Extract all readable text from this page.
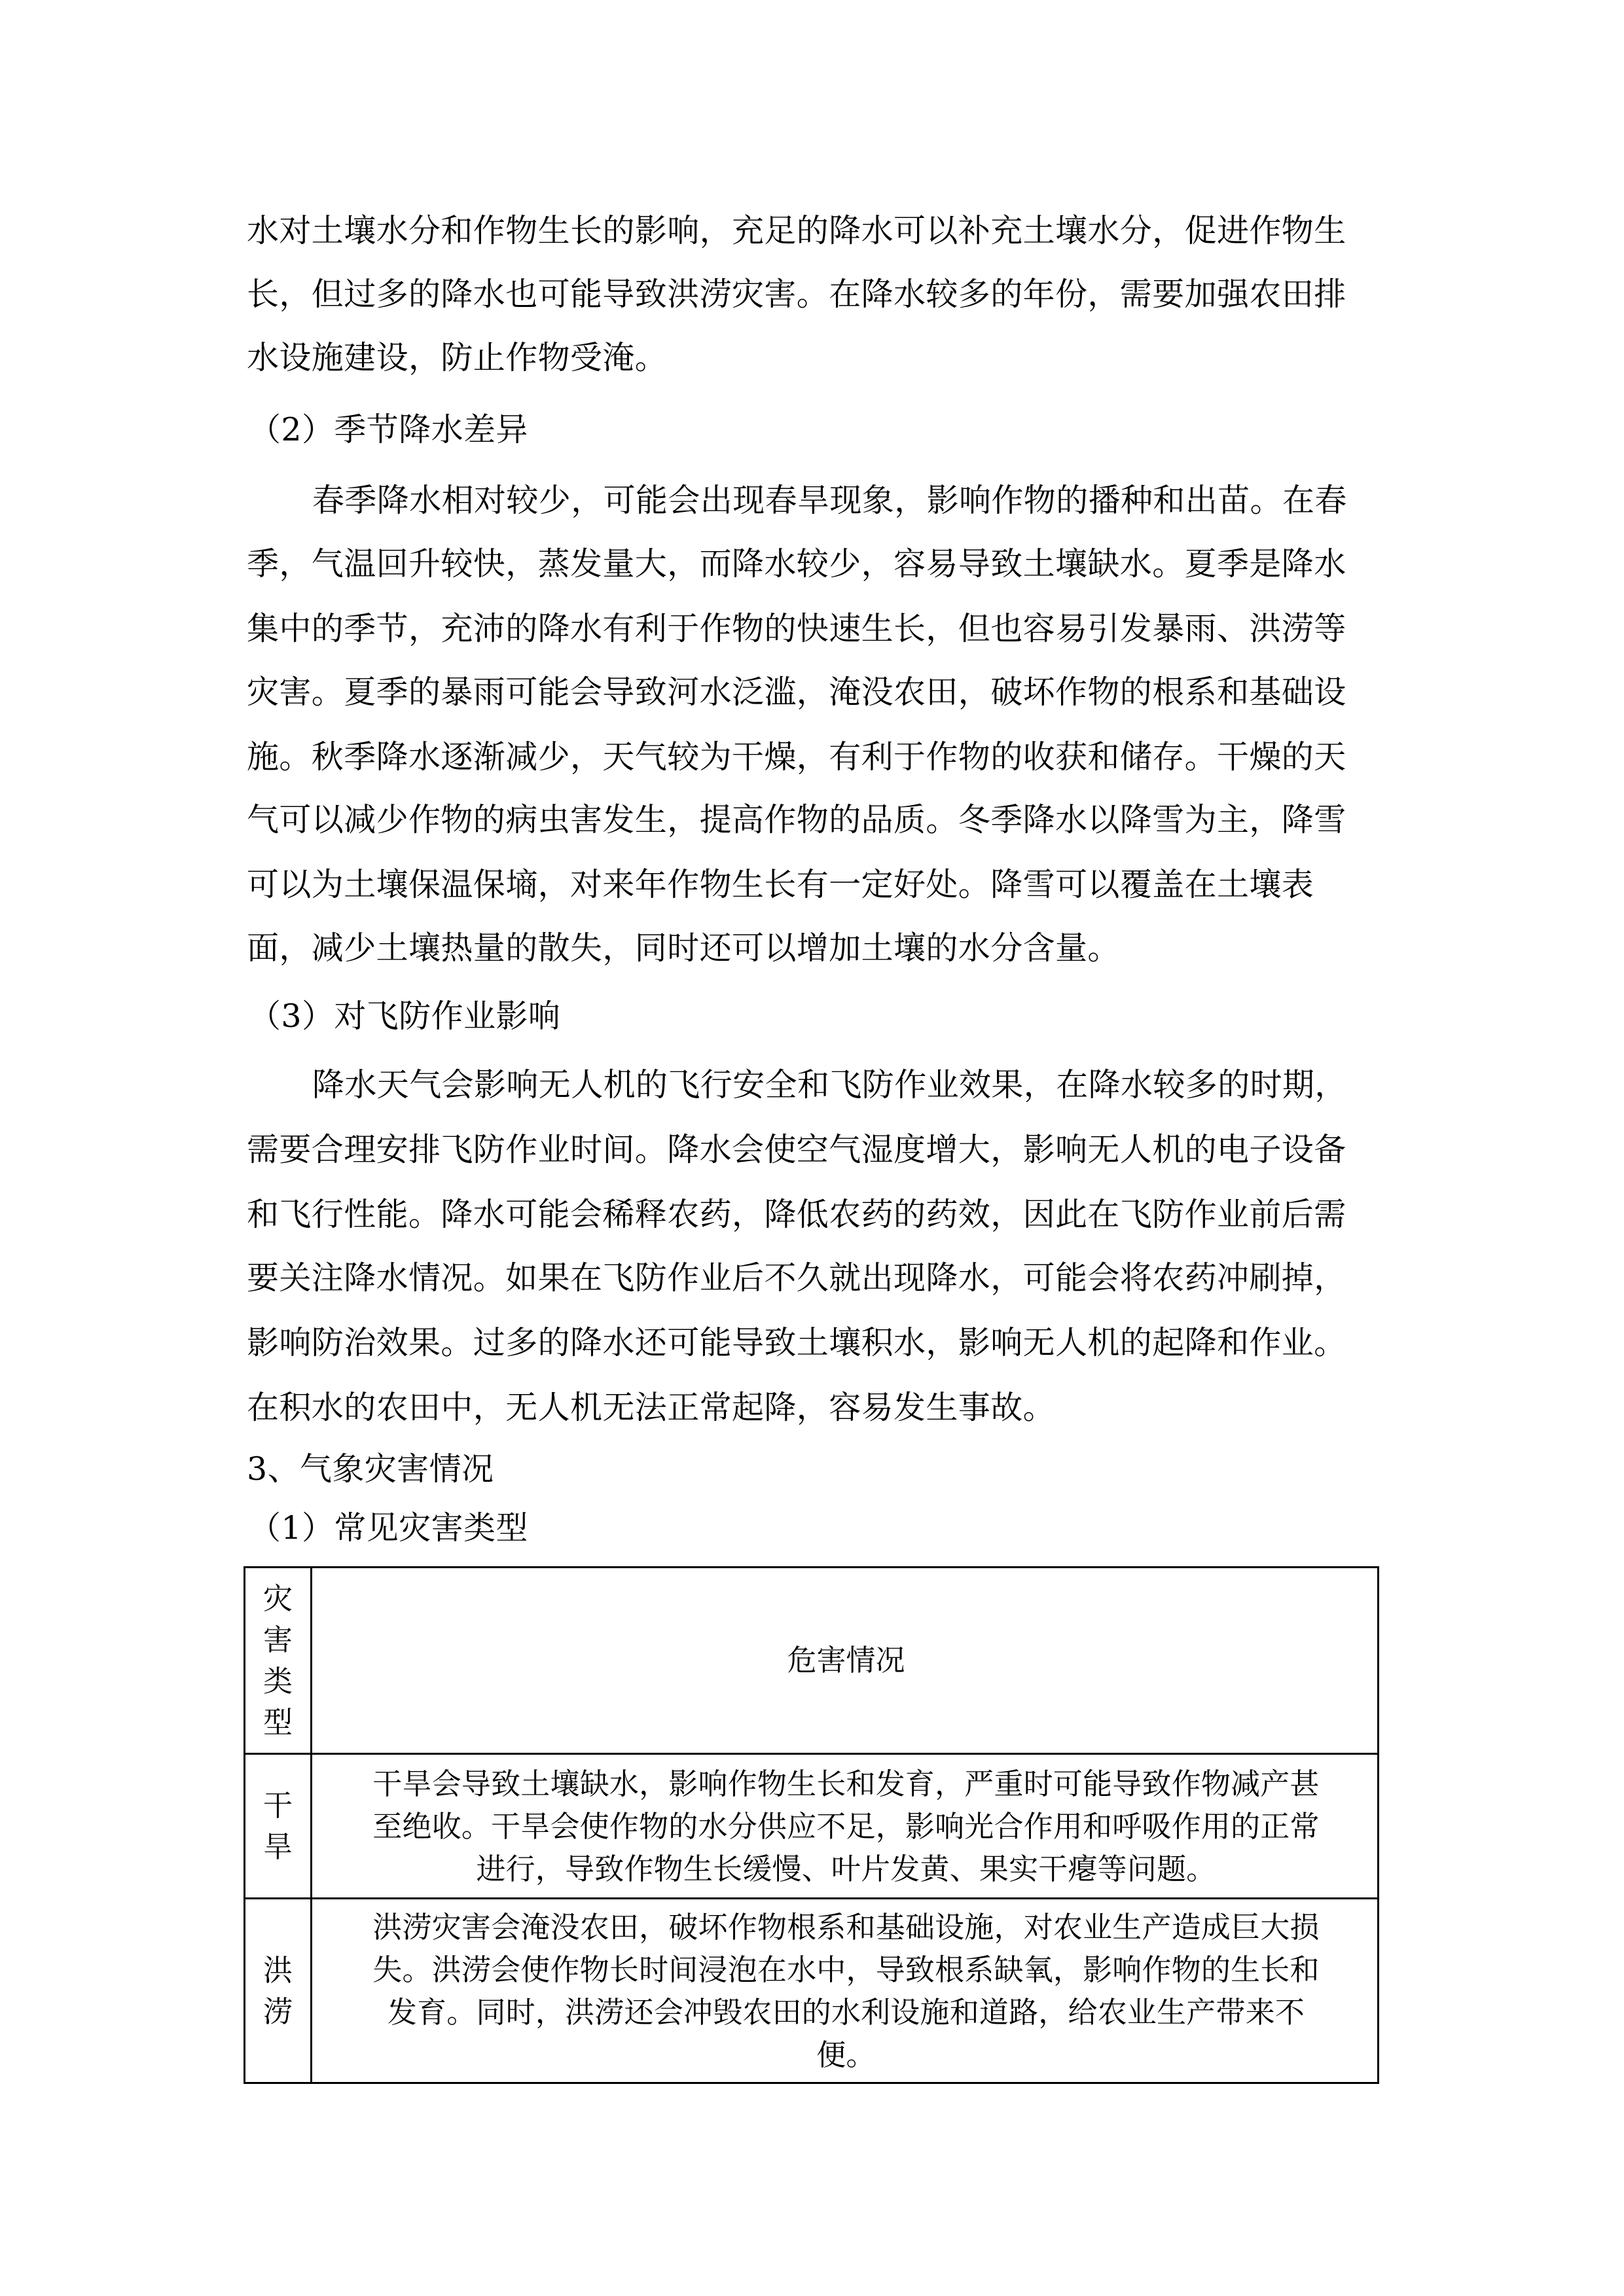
水对土壤水分和作物生长的影响，充足的降水可以补充土壤水分，促进作物生
长，但过多的降水也可能导致洪涝灾害。在降水较多的年份，需要加强农田排
水设施建设，防止作物受淹。
（2）季节降水差异
春季降水相对较少，可能会出现春旱现象，影响作物的播种和出苗。在春
季，气温回升较快，蒸发量大，而降水较少，容易导致土壤缺水。夏季是降水
集中的季节，充沛的降水有利于作物的快速生长，但也容易引发暴雨、洪涝等
灾害。夏季的暴雨可能会导致河水泛滥，淹没农田，破坏作物的根系和基础设
施。秋季降水逐渐减少，天气较为干燥，有利于作物的收获和储存。干燥的天
气可以减少作物的病虫害发生，提高作物的品质。冬季降水以降雪为主，降雪
可以为土壤保温保墒，对来年作物生长有一定好处。降雪可以覆盖在土壤表
面，减少土壤热量的散失，同时还可以增加土壤的水分含量。
（3）对飞防作业影响
降水天气会影响无人机的飞行安全和飞防作业效果，在降水较多的时期，
需要合理安排飞防作业时间。降水会使空气湿度增大，影响无人机的电子设备
和飞行性能。降水可能会稀释农药，降低农药的药效，因此在飞防作业前后需
要关注降水情况。如果在飞防作业后不久就出现降水，可能会将农药冲刷掉，
影响防治效果。过多的降水还可能导致土壤积水，影响无人机的起降和作业。
在积水的农田中，无人机无法正常起降，容易发生事故。
3、气象灾害情况
（1）常见灾害类型
灾
害
类
型
危害情况
干
旱
干旱会导致土壤缺水，影响作物生长和发育，严重时可能导致作物减产甚
至绝收。干旱会使作物的水分供应不足，影响光合作用和呼吸作用的正常
进行，导致作物生长缓慢、叶片发黄、果实干瘪等问题。
洪
涝
洪涝灾害会淹没农田，破坏作物根系和基础设施，对农业生产造成巨大损
失。洪涝会使作物长时间浸泡在水中，导致根系缺氧，影响作物的生长和
发育。同时，洪涝还会冲毁农田的水利设施和道路，给农业生产带来不
便。
